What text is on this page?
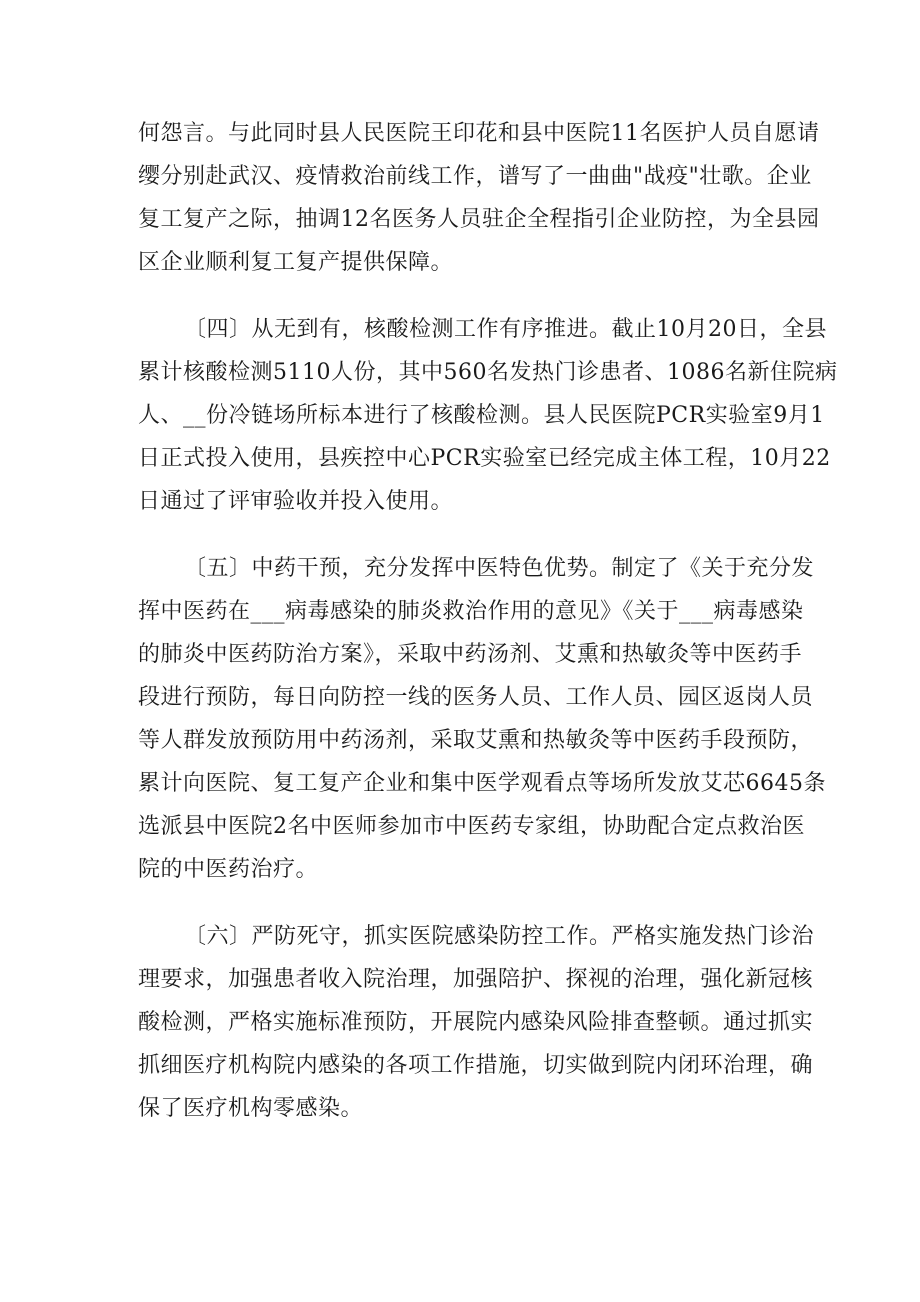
何怨言。与此同时县人民医院王印花和县中医院11名医护人员自愿请
缨分别赴武汉、疫情救治前线工作，谱写了一曲曲"战疫"壮歌。企业
复工复产之际，抽调12名医务人员驻企全程指引企业防控，为全县园
区企业顺利复工复产提供保障。

〔四〕从无到有，核酸检测工作有序推进。截止10月20日，全县
累计核酸检测5110人份，其中560名发热门诊患者、1086名新住院病
人、__份冷链场所标本进行了核酸检测。县人民医院PCR实验室9月1
日正式投入使用，县疾控中心PCR实验室已经完成主体工程，10月22
日通过了评审验收并投入使用。

〔五〕中药干预，充分发挥中医特色优势。制定了《关于充分发
挥中医药在___病毒感染的肺炎救治作用的意见》《关于___病毒感染
的肺炎中医药防治方案》，采取中药汤剂、艾熏和热敏灸等中医药手
段进行预防，每日向防控一线的医务人员、工作人员、园区返岗人员
等人群发放预防用中药汤剂，采取艾熏和热敏灸等中医药手段预防，
累计向医院、复工复产企业和集中医学观看点等场所发放艾芯6645条
选派县中医院2名中医师参加市中医药专家组，协助配合定点救治医
院的中医药治疗。

〔六〕严防死守，抓实医院感染防控工作。严格实施发热门诊治
理要求，加强患者收入院治理，加强陪护、探视的治理，强化新冠核
酸检测，严格实施标准预防，开展院内感染风险排查整顿。通过抓实
抓细医疗机构院内感染的各项工作措施，切实做到院内闭环治理，确
保了医疗机构零感染。
